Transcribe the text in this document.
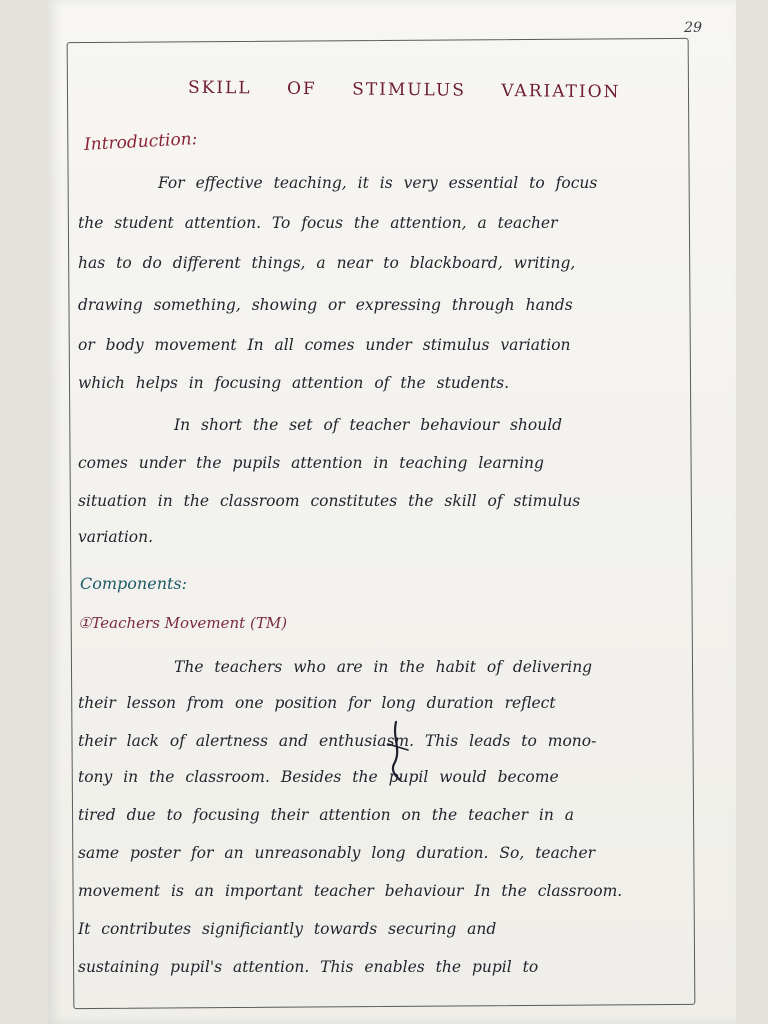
29
SKILL OF STIMULUS VARIATION
Introduction:
For effective teaching, it is very essential to focus
the student attention. To focus the attention, a teacher
has to do different things, a near to blackboard, writing,
drawing something, showing or expressing through hands
or body movement In all comes under stimulus variation
which helps in focusing attention of the students.
In short the set of teacher behaviour should
comes under the pupils attention in teaching learning
situation in the classroom constitutes the skill of stimulus
variation.
Components:
①Teachers Movement (TM)
The teachers who are in the habit of delivering
their lesson from one position for long duration reflect
their lack of alertness and enthusiasm. This leads to mono-
tony in the classroom. Besides the pupil would become
tired due to focusing their attention on the teacher in a
same poster for an unreasonably long duration. So, teacher
movement is an important teacher behaviour In the classroom.
It contributes significiantly towards securing and
sustaining pupil's attention. This enables the pupil to
